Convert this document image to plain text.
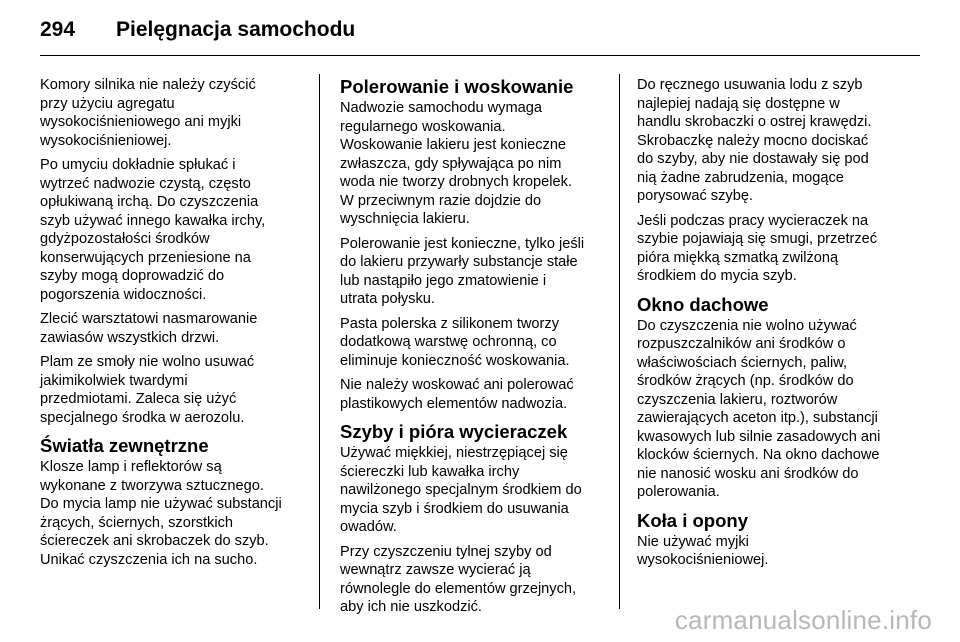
294	Pielęgnacja samochodu

Komory silnika nie należy czyścić
przy użyciu agregatu
wysokociśnieniowego ani myjki
wysokociśnieniowej.

Po umyciu dokładnie spłukać i
wytrzeć nadwozie czystą, często
opłukiwaną irchą. Do czyszczenia
szyb używać innego kawałka irchy,
gdyżpozostałości środków
konserwujących przeniesione na
szyby mogą doprowadzić do
pogorszenia widoczności.

Zlecić warsztatowi nasmarowanie
zawiasów wszystkich drzwi.

Plam ze smoły nie wolno usuwać
jakimikolwiek twardymi
przedmiotami. Zaleca się użyć
specjalnego środka w aerozolu.

Światła zewnętrzne

Klosze lamp i reflektorów są
wykonane z tworzywa sztucznego.
Do mycia lamp nie używać substancji
żrących, ściernych, szorstkich
ściereczek ani skrobaczek do szyb.
Unikać czyszczenia ich na sucho.

Polerowanie i woskowanie

Nadwozie samochodu wymaga
regularnego woskowania.
Woskowanie lakieru jest konieczne
zwłaszcza, gdy spływająca po nim
woda nie tworzy drobnych kropelek.
W przeciwnym razie dojdzie do
wyschnięcia lakieru.

Polerowanie jest konieczne, tylko jeśli
do lakieru przywarły substancje stałe
lub nastąpiło jego zmatowienie i
utrata połysku.

Pasta polerska z silikonem tworzy
dodatkową warstwę ochronną, co
eliminuje konieczność woskowania.

Nie należy woskować ani polerować
plastikowych elementów nadwozia.

Szyby i pióra wycieraczek

Używać miękkiej, niestrzępiącej się
ściereczki lub kawałka irchy
nawilżonego specjalnym środkiem do
mycia szyb i środkiem do usuwania
owadów.

Przy czyszczeniu tylnej szyby od
wewnątrz zawsze wycierać ją
równolegle do elementów grzejnych,
aby ich nie uszkodzić.

Do ręcznego usuwania lodu z szyb
najlepiej nadają się dostępne w
handlu skrobaczki o ostrej krawędzi.
Skrobaczkę należy mocno dociskać
do szyby, aby nie dostawały się pod
nią żadne zabrudzenia, mogące
porysować szybę.

Jeśli podczas pracy wycieraczek na
szybie pojawiają się smugi, przetrzeć
pióra miękką szmatką zwilżoną
środkiem do mycia szyb.

Okno dachowe

Do czyszczenia nie wolno używać
rozpuszczalników ani środków o
właściwościach ściernych, paliw,
środków żrących (np. środków do
czyszczenia lakieru, roztworów
zawierających aceton itp.), substancji
kwasowych lub silnie zasadowych ani
klocków ściernych. Na okno dachowe
nie nanosić wosku ani środków do
polerowania.

Koła i opony

Nie używać myjki
wysokociśnieniowej.

carmanualsonline.info
